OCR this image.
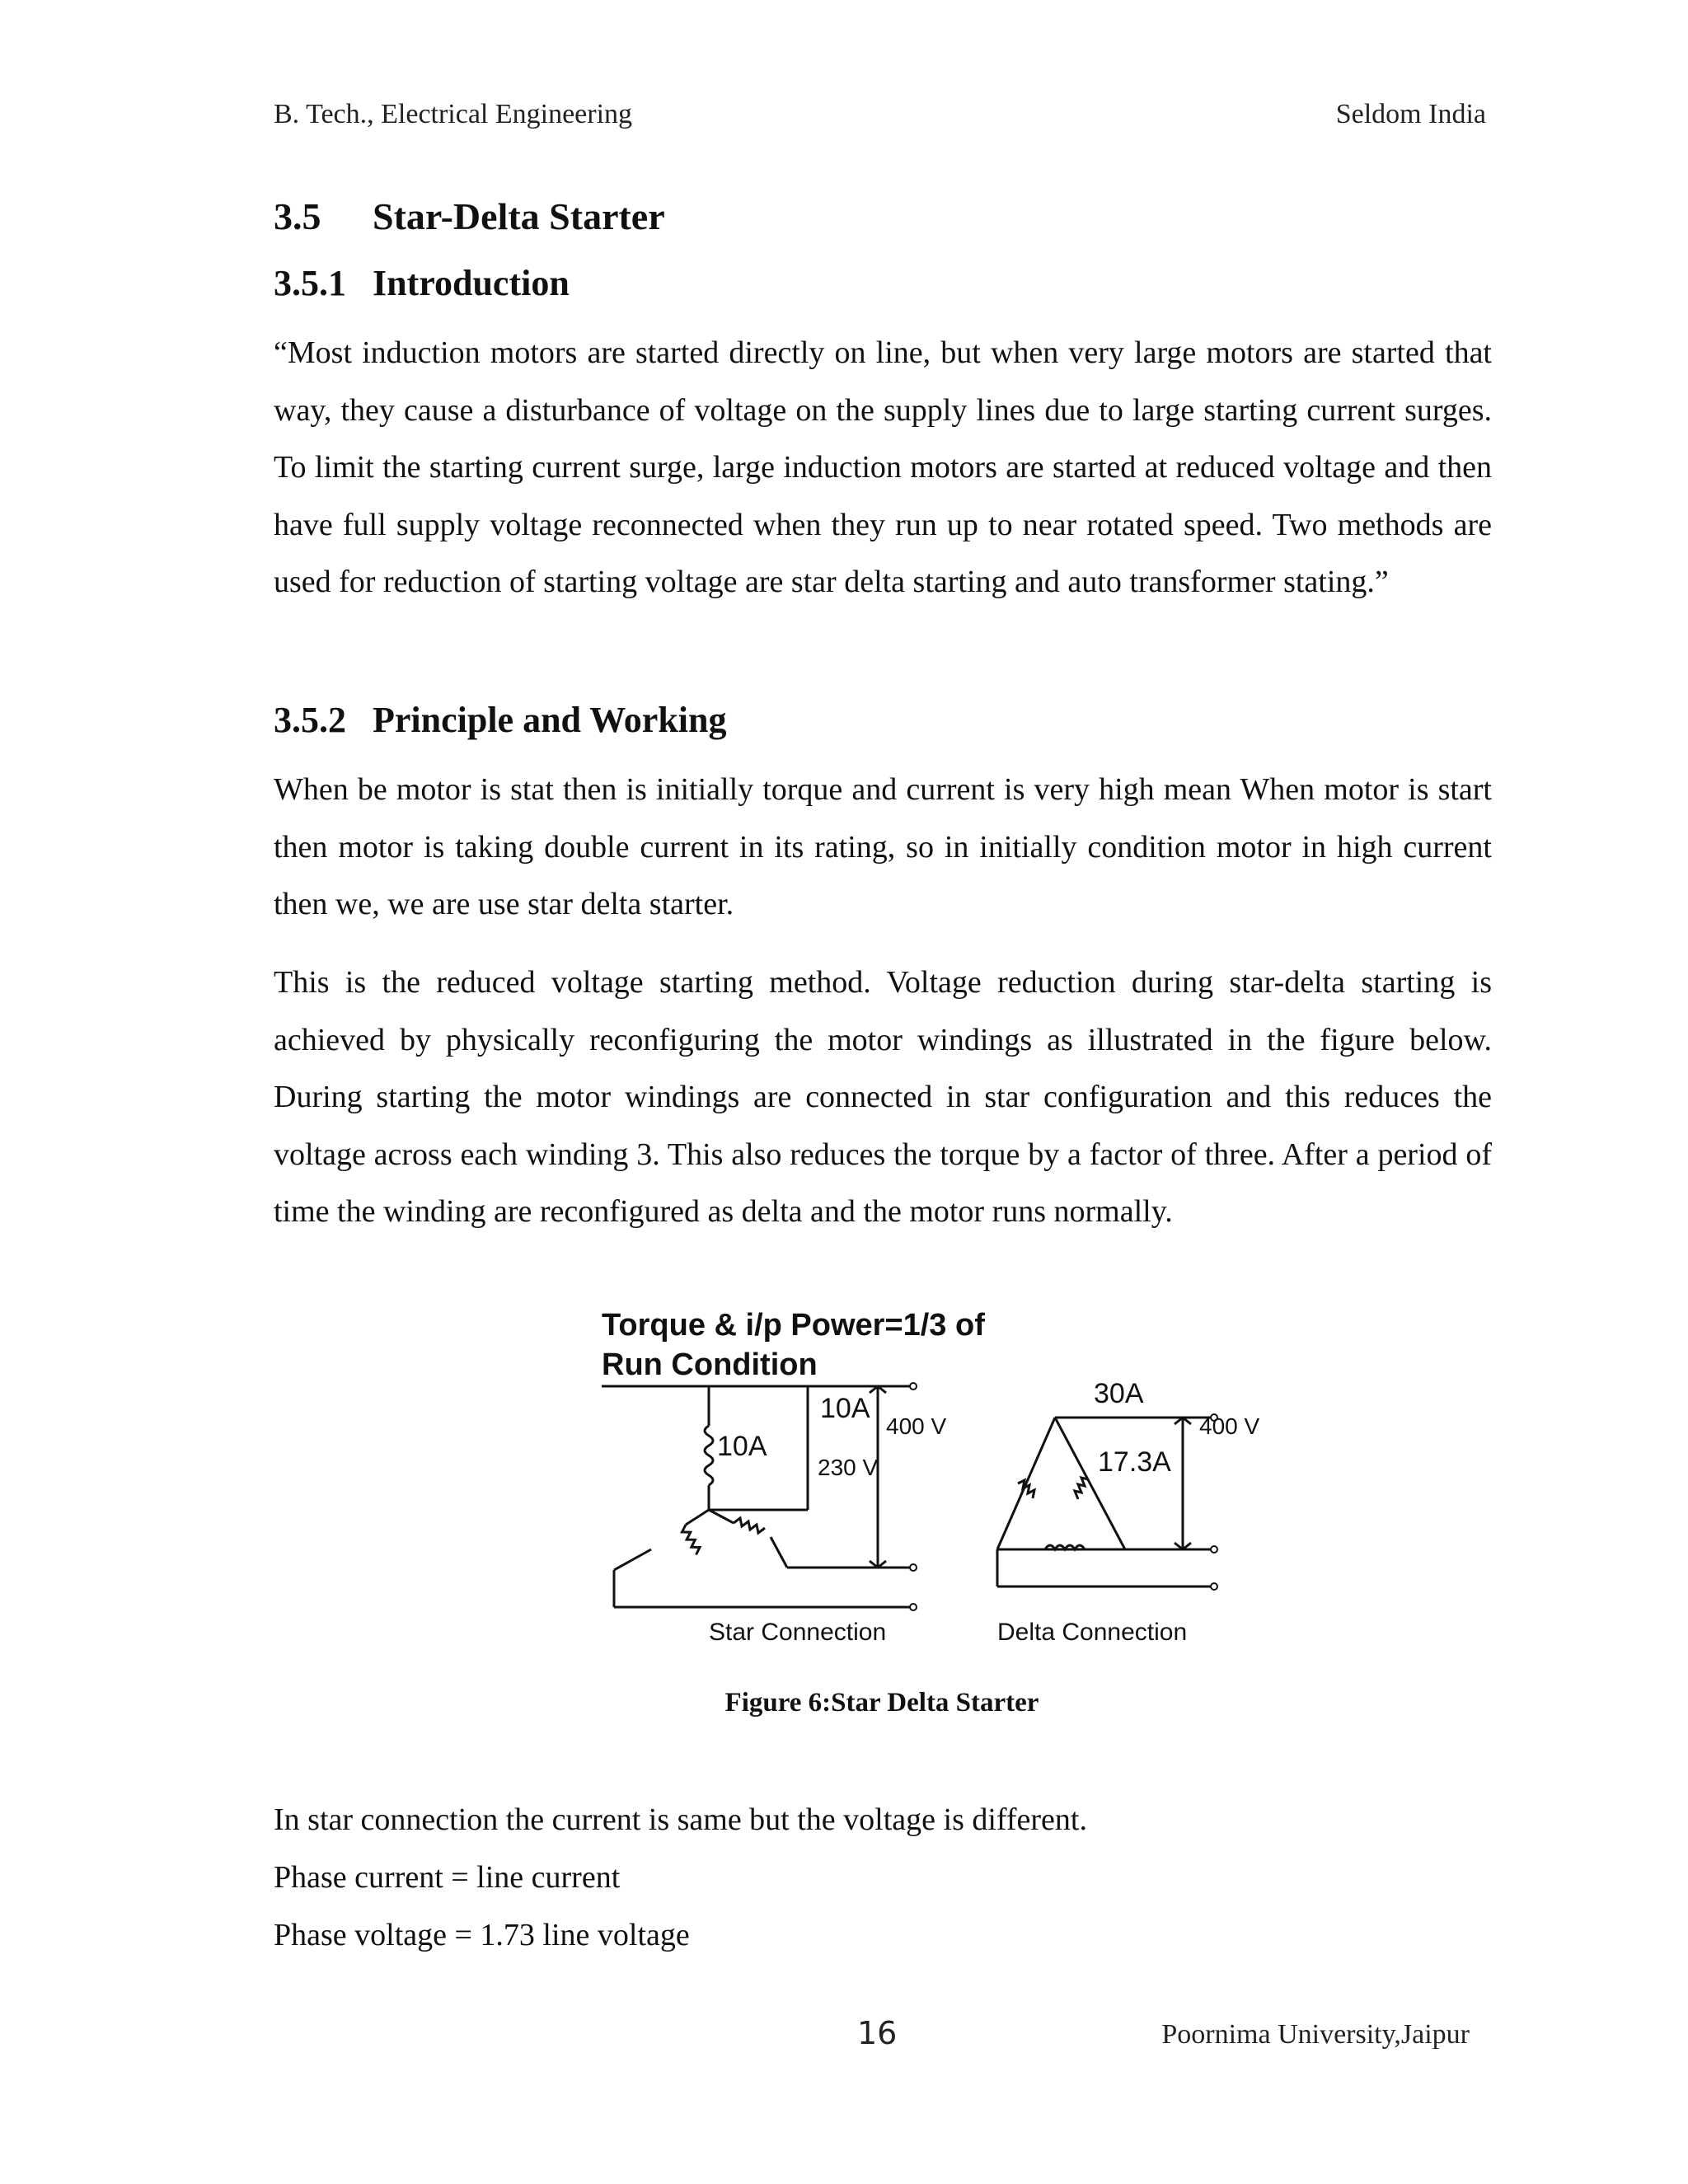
B. Tech., Electrical Engineering	Seldom India
3.5 Star-Delta Starter
3.5.1 Introduction

“Most induction motors are started directly on line, but when very large motors are started that way, they cause a disturbance of voltage on the supply lines due to large starting current surges. To limit the starting current surge, large induction motors are started at reduced voltage and then have full supply voltage reconnected when they run up to near rotated speed. Two methods are used for reduction of starting voltage are star delta starting and auto transformer stating.”

3.5.2 Principle and Working

When be motor is stat then is initially torque and current is very high mean When motor is start then motor is taking double current in its rating, so in initially condition motor in high current then we, we are use star delta starter.

This is the reduced voltage starting method. Voltage reduction during star-delta starting is achieved by physically reconfiguring the motor windings as illustrated in the figure below. During starting the motor windings are connected in star configuration and this reduces the voltage across each winding 3. This also reduces the torque by a factor of three. After a period of time the winding are reconfigured as delta and the motor runs normally.

Torque & i/p Power=1/3 of
Run Condition
10A
10A
400 V
230 V
Star Connection
30A
17.3A
400 V
Delta Connection
Figure 6:Star Delta Starter

In star connection the current is same but the voltage is different.

Phase current = line current

Phase voltage = 1.73 line voltage

16	Poornima University,Jaipur
